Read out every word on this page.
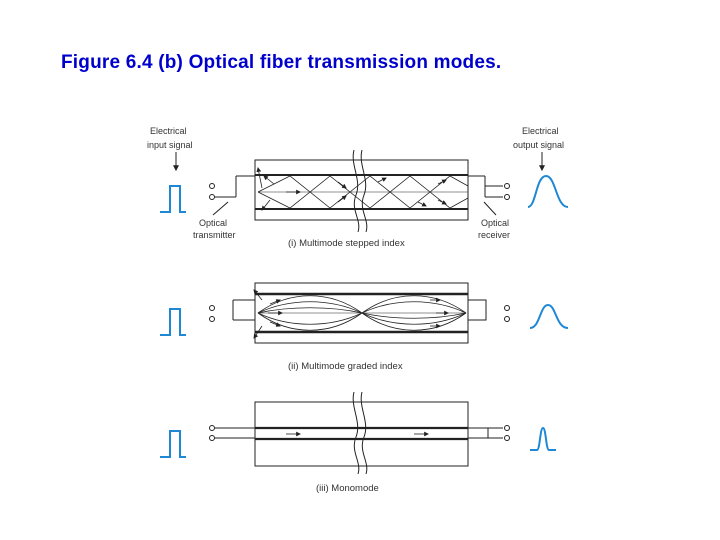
Figure 6.4 (b) Optical fiber transmission modes.
Electrical
input signal
Electrical
output signal
Optical
transmitter
Optical
receiver
(i) Multimode stepped index
(ii) Multimode graded index
(iii) Monomode
